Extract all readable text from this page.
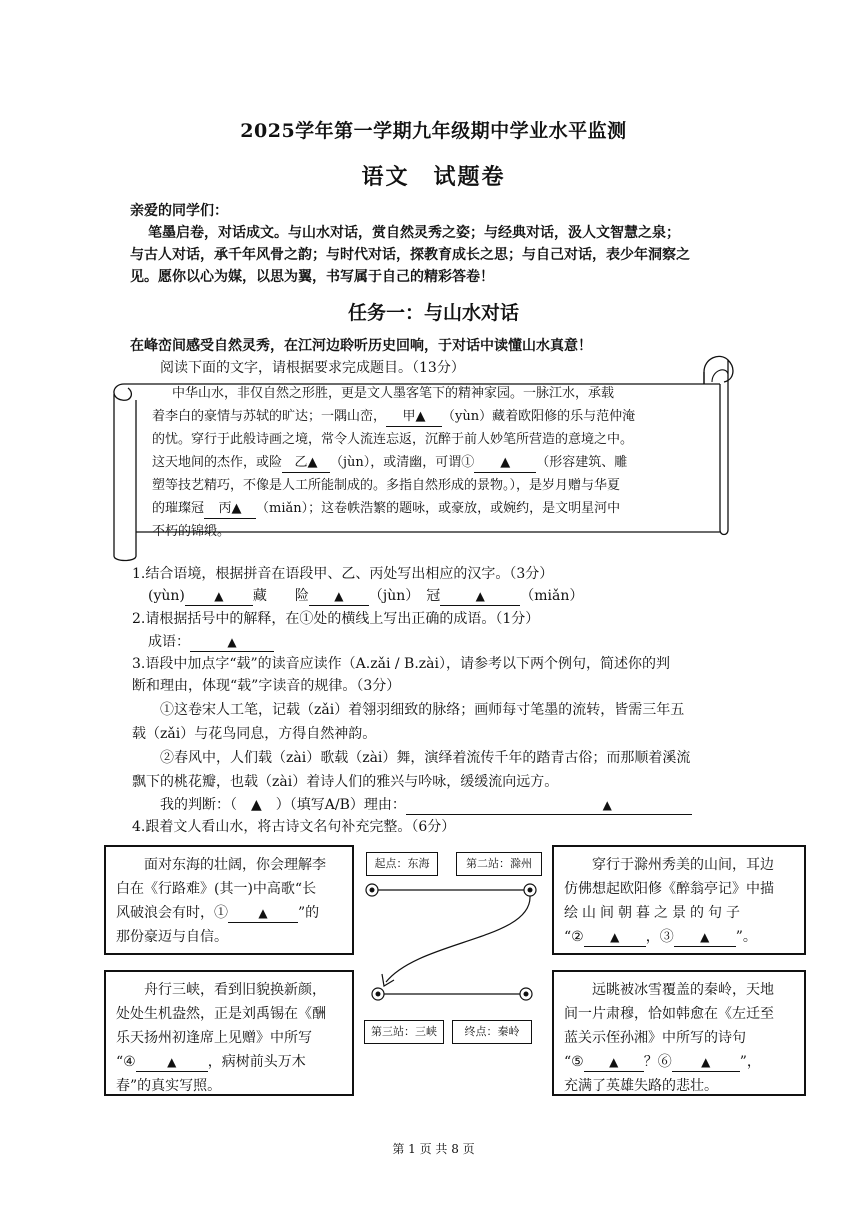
2025学年第一学期九年级期中学业水平监测
语文　试题卷
亲爱的同学们：
笔墨启卷，对话成文。与山水对话，赏自然灵秀之姿；与经典对话，汲人文智慧之泉；
与古人对话，承千年风骨之韵；与时代对话，探教育成长之思；与自己对话，表少年洞察之
见。愿你以心为媒，以思为翼，书写属于自己的精彩答卷！
任务一：与山水对话
在峰峦间感受自然灵秀，在江河边聆听历史回响，于对话中读懂山水真意！
阅读下面的文字，请根据要求完成题目。（13分）
中华山水，非仅自然之形胜，更是文人墨客笔下的精神家园。一脉江水，承载
着李白的豪情与苏轼的旷达；一隅山峦， 甲▲ （yùn）藏着欧阳修的乐与范仲淹
的忧。穿行于此般诗画之境，常令人流连忘返，沉醉于前人妙笔所营造的意境之中。
这天地间的杰作，或险 乙▲ （jùn），或清幽，可谓① ▲ （形容建筑、雕
塑等技艺精巧，不像是人工所能制成的。多指自然形成的景物。），是岁月赠与华夏
的璀璨冠 丙▲ （miǎn）；这卷帙浩繁的题咏，或豪放，或婉约，是文明星河中
不朽的锦缎。
1.结合语境，根据拼音在语段甲、乙、丙处写出相应的汉字。（3分）
(yùn) ▲ 藏　　险 ▲ （jùn）　冠	▲	（miǎn）
2.请根据括号中的解释，在①处的横线上写出正确的成语。（1分）
成语：	▲
3.语段中加点字“载”的读音应读作（A.zǎi / B.zài），请参考以下两个例句，简述你的判
断和理由，体现“载”字读音的规律。（3分）
①这卷宋人工笔，记载（zǎi）着翎羽细致的脉络；画师每寸笔墨的流转，皆需三年五
载（zǎi）与花鸟同息，方得自然神韵。
②春风中，人们载（zài）歌载（zài）舞，演绎着流传千年的踏青古俗；而那顺着溪流
飘下的桃花瓣，也载（zài）着诗人们的雅兴与吟咏，缓缓流向远方。
我的判断：（　▲　）（填写A/B）理由：	▲
4.跟着文人看山水，将古诗文名句补充完整。（6分）
起点：东海	第二站：滁州
第三站：三峡	终点：秦岭
面对东海的壮阔，你会理解李
白在《行路难》(其一)中高歌“长
风破浪会有时，①	▲ ”的
那份豪迈与自信。
穿行于滁州秀美的山间，耳边
仿佛想起欧阳修《醉翁亭记》中描
绘山间朝暮之景的句子
“② ▲ ，③ ▲ ”。
舟行三峡，看到旧貌换新颜，
处处生机盎然，正是刘禹锡在《酬
乐天扬州初逢席上见赠》中所写
“④	▲ ，病树前头万木
春”的真实写照。
远眺被冰雪覆盖的秦岭，天地
间一片肃穆，恰如韩愈在《左迁至
蓝关示侄孙湘》中所写的诗句
“⑤ ▲ ？⑥ ▲ ”，
充满了英雄失路的悲壮。
第 1 页 共 8 页
